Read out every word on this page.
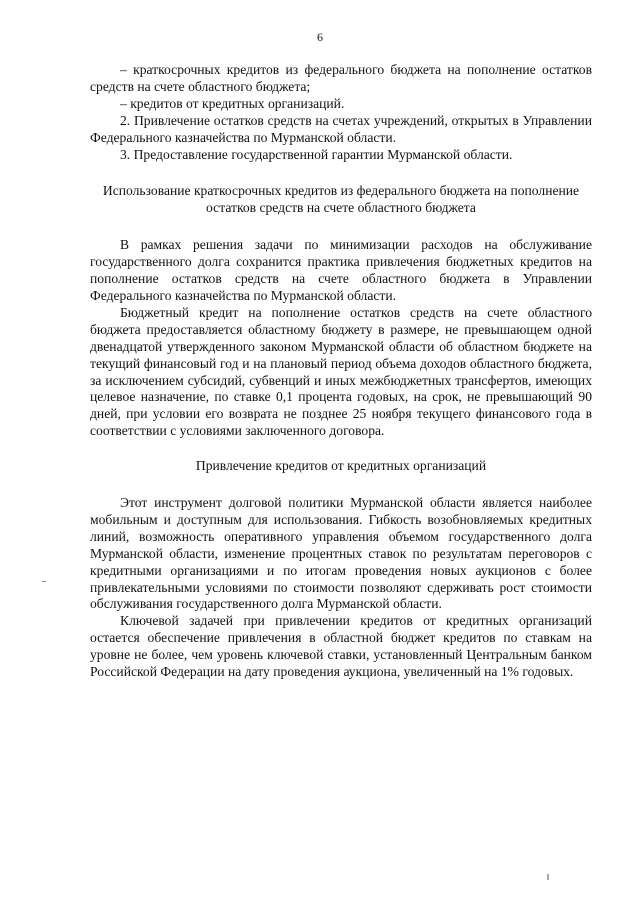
6

– краткосрочных кредитов из федерального бюджета на пополнение остатков средств на счете областного бюджета;

– кредитов от кредитных организаций.

2. Привлечение остатков средств на счетах учреждений, открытых в Управлении Федерального казначейства по Мурманской области.

3. Предоставление государственной гарантии Мурманской области.

Использование краткосрочных кредитов из федерального бюджета на пополнение остатков средств на счете областного бюджета

В рамках решения задачи по минимизации расходов на обслуживание государственного долга сохранится практика привлечения бюджетных кредитов на пополнение остатков средств на счете областного бюджета в Управлении Федерального казначейства по Мурманской области.

Бюджетный кредит на пополнение остатков средств на счете областного бюджета предоставляется областному бюджету в размере, не превышающем одной двенадцатой утвержденного законом Мурманской области об областном бюджете на текущий финансовый год и на плановый период объема доходов областного бюджета, за исключением субсидий, субвенций и иных межбюджетных трансфертов, имеющих целевое назначение, по ставке 0,1 процента годовых, на срок, не превышающий 90 дней, при условии его возврата не позднее 25 ноября текущего финансового года в соответствии с условиями заключенного договора.

Привлечение кредитов от кредитных организаций

Этот инструмент долговой политики Мурманской области является наиболее мобильным и доступным для использования. Гибкость возобновляемых кредитных линий, возможность оперативного управления объемом государственного долга Мурманской области, изменение процентных ставок по результатам переговоров с кредитными организациями и по итогам проведения новых аукционов с более привлекательными условиями по стоимости позволяют сдерживать рост стоимости обслуживания государственного долга Мурманской области.

Ключевой задачей при привлечении кредитов от кредитных организаций остается обеспечение привлечения в областной бюджет кредитов по ставкам на уровне не более, чем уровень ключевой ставки, установленный Центральным банком Российской Федерации на дату проведения аукциона, увеличенный на 1% годовых.
